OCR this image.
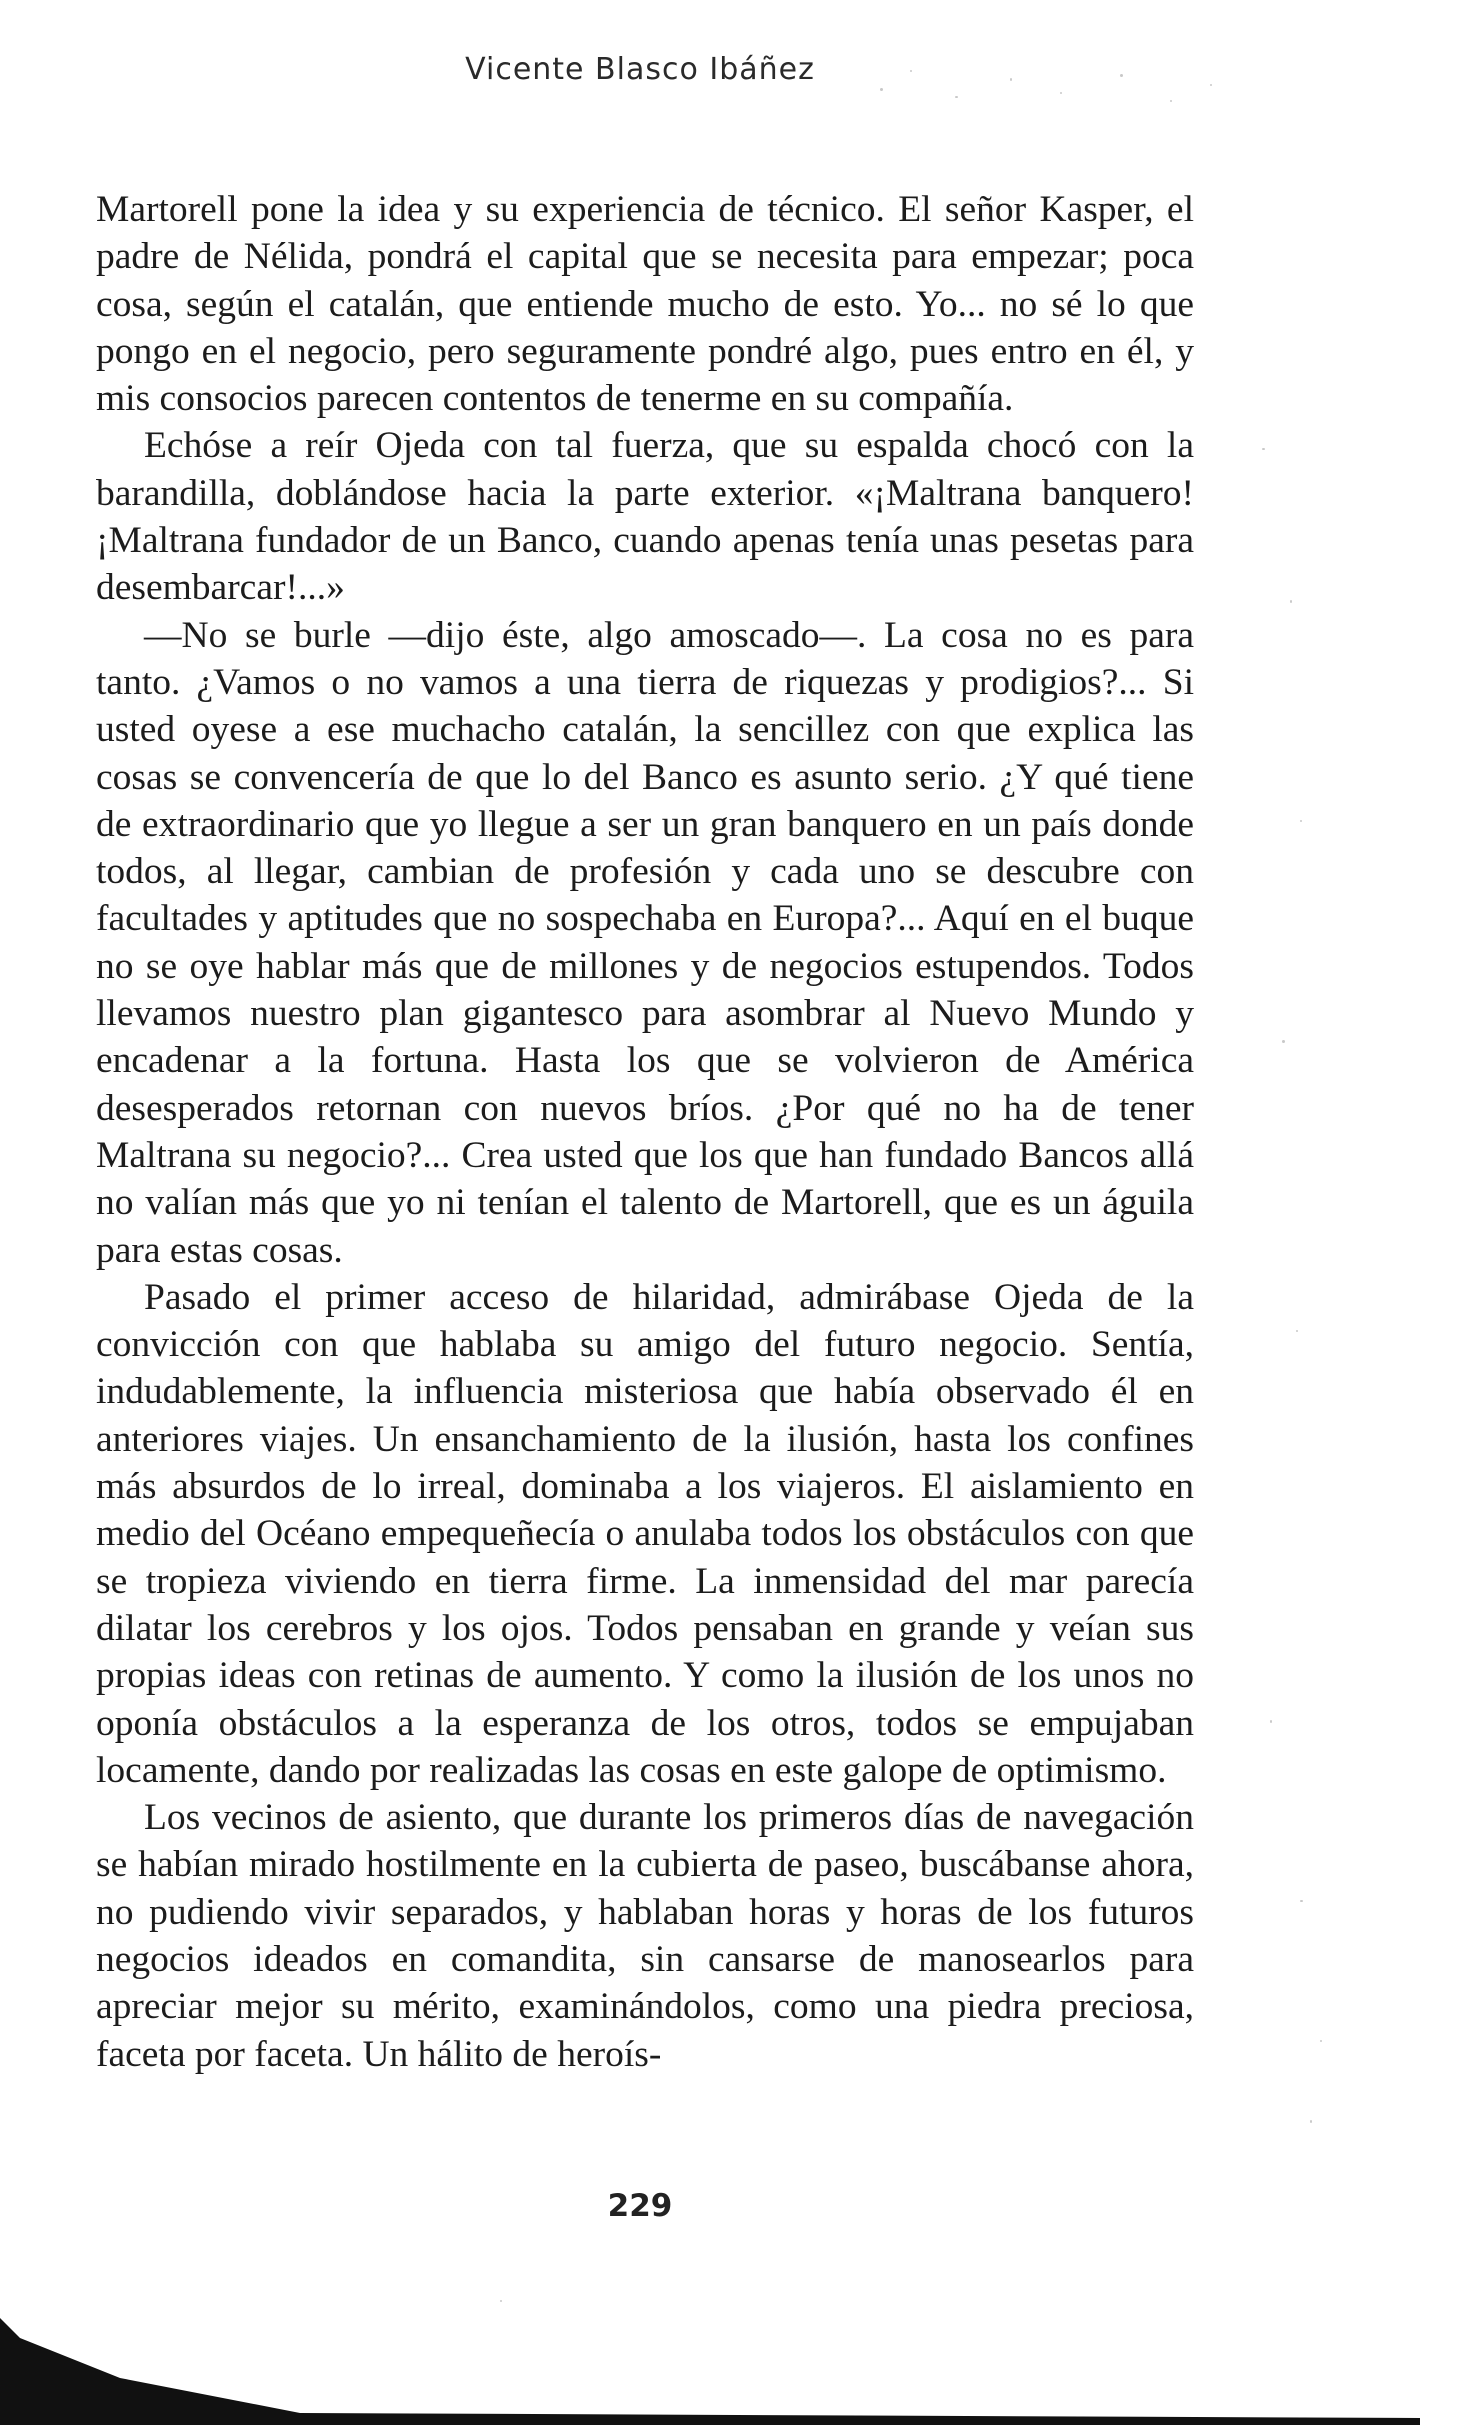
Vicente Blasco Ibáñez

Martorell pone la idea y su experiencia de técnico. El señor Kasper, el padre de Nélida, pondrá el capital que se necesita para empezar; poca cosa, según el catalán, que entiende mucho de esto. Yo... no sé lo que pongo en el negocio, pero seguramente pondré algo, pues entro en él, y mis consocios parecen contentos de tenerme en su compañía.

Echóse a reír Ojeda con tal fuerza, que su espalda chocó con la barandilla, doblándose hacia la parte exterior. «¡Maltrana banquero! ¡Maltrana fundador de un Banco, cuando apenas tenía unas pesetas para desembarcar!...»

—No se burle —dijo éste, algo amoscado—. La cosa no es para tanto. ¿Vamos o no vamos a una tierra de riquezas y prodigios?... Si usted oyese a ese muchacho catalán, la sencillez con que explica las cosas se convencería de que lo del Banco es asunto serio. ¿Y qué tiene de extraordinario que yo llegue a ser un gran banquero en un país donde todos, al llegar, cambian de profesión y cada uno se descubre con facultades y aptitudes que no sospechaba en Europa?... Aquí en el buque no se oye hablar más que de millones y de negocios estupendos. Todos llevamos nuestro plan gigantesco para asombrar al Nuevo Mundo y encadenar a la fortuna. Hasta los que se volvieron de América desesperados retornan con nuevos bríos. ¿Por qué no ha de tener Maltrana su negocio?... Crea usted que los que han fundado Bancos allá no valían más que yo ni tenían el talento de Martorell, que es un águila para estas cosas.

Pasado el primer acceso de hilaridad, admirábase Ojeda de la convicción con que hablaba su amigo del futuro negocio. Sentía, indudablemente, la influencia misteriosa que había observado él en anteriores viajes. Un ensanchamiento de la ilusión, hasta los confines más absurdos de lo irreal, dominaba a los viajeros. El aislamiento en medio del Océano empequeñecía o anulaba todos los obstáculos con que se tropieza viviendo en tierra firme. La inmensidad del mar parecía dilatar los cerebros y los ojos. Todos pensaban en grande y veían sus propias ideas con retinas de aumento. Y como la ilusión de los unos no oponía obstáculos a la esperanza de los otros, todos se empujaban locamente, dando por realizadas las cosas en este galope de optimismo.

Los vecinos de asiento, que durante los primeros días de navegación se habían mirado hostilmente en la cubierta de paseo, buscábanse ahora, no pudiendo vivir separados, y hablaban horas y horas de los futuros negocios ideados en comandita, sin cansarse de manosearlos para apreciar mejor su mérito, examinándolos, como una piedra preciosa, faceta por faceta. Un hálito de heroís-

229
